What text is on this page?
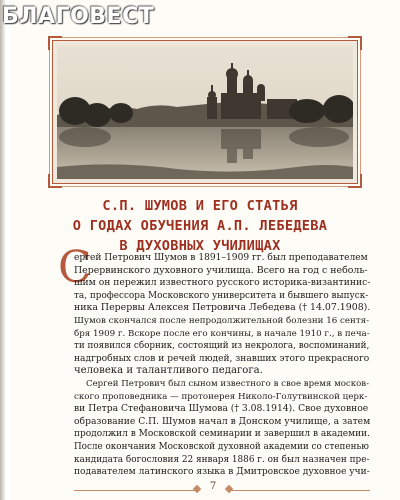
БЛАГОВЕСТ
С.П. ШУМОВ И ЕГО СТАТЬЯ
О ГОДАХ ОБУЧЕНИЯ А.П. ЛЕБЕДЕВА
В ДУХОВНЫХ УЧИЛИЩАХ
С
ергей Петрович Шумов в 1891–1909 гг. был преподавателем
Перервинского духовного училища. Всего на год с неболь-
шим он пережил известного русского историка-византинис-
та, профессора Московского университета и бывшего выпуск-
ника Перервы Алексея Петровича Лебедева († 14.07.1908).
Шумов скончался после непродолжительной болезни 16 сентя-
бря 1909 г. Вскоре после его кончины, в начале 1910 г., в печа-
ти появился сборник, состоящий из некролога, воспоминаний,
надгробных слов и речей людей, знавших этого прекрасного
человека и талантливого педагога.
Сергей Петрович был сыном известного в свое время москов-
ского проповедника — протоиерея Николо-Голутвинской церк-
ви Петра Стефановича Шумова († 3.08.1914). Свое духовное
образование С.П. Шумов начал в Донском училище, а затем
продолжил в Московской семинарии и завершил в академии.
После окончания Московской духовной академии со степенью
кандидата богословия 22 января 1886 г. он был назначен пре-
подавателем латинского языка в Дмитровское духовное учи-
7
